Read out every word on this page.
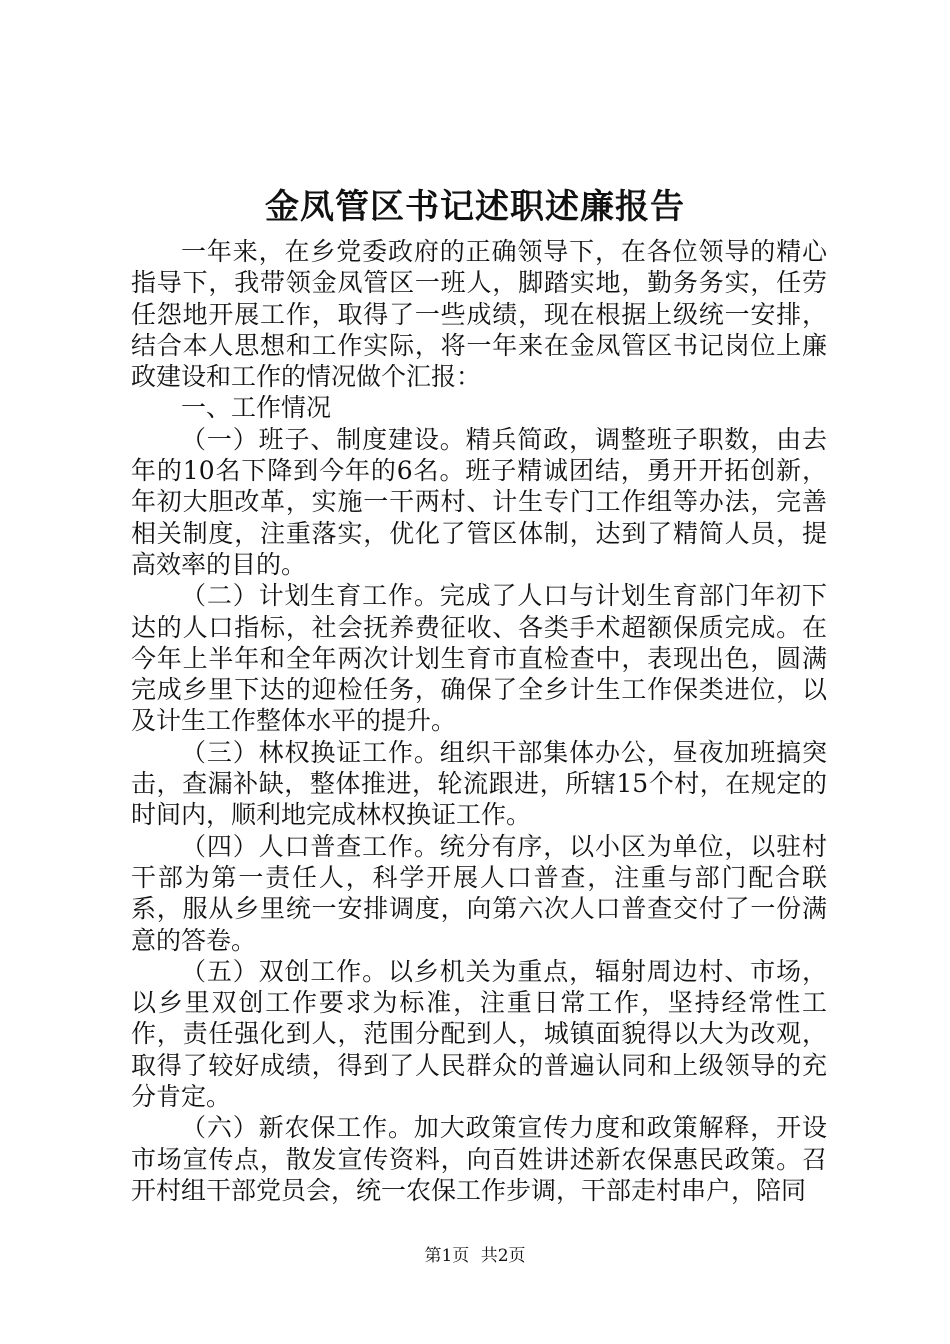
金凤管区书记述职述廉报告

一年来，在乡党委政府的正确领导下，在各位领导的精心指导下，我带领金凤管区一班人，脚踏实地，勤务务实，任劳任怨地开展工作，取得了一些成绩，现在根据上级统一安排，结合本人思想和工作实际，将一年来在金凤管区书记岗位上廉政建设和工作的情况做个汇报：

一、工作情况

（一）班子、制度建设。精兵简政，调整班子职数，由去年的10名下降到今年的6名。班子精诚团结，勇开开拓创新，年初大胆改革，实施一干两村、计生专门工作组等办法，完善相关制度，注重落实，优化了管区体制，达到了精简人员，提高效率的目的。

（二）计划生育工作。完成了人口与计划生育部门年初下达的人口指标，社会抚养费征收、各类手术超额保质完成。在今年上半年和全年两次计划生育市直检查中，表现出色，圆满完成乡里下达的迎检任务，确保了全乡计生工作保类进位，以及计生工作整体水平的提升。

（三）林权换证工作。组织干部集体办公，昼夜加班搞突击，查漏补缺，整体推进，轮流跟进，所辖15个村，在规定的时间内，顺利地完成林权换证工作。

（四）人口普查工作。统分有序，以小区为单位，以驻村干部为第一责任人，科学开展人口普查，注重与部门配合联系，服从乡里统一安排调度，向第六次人口普查交付了一份满意的答卷。

（五）双创工作。以乡机关为重点，辐射周边村、市场，以乡里双创工作要求为标准，注重日常工作，坚持经常性工作，责任强化到人，范围分配到人，城镇面貌得以大为改观，取得了较好成绩，得到了人民群众的普遍认同和上级领导的充分肯定。

（六）新农保工作。加大政策宣传力度和政策解释，开设市场宣传点，散发宣传资料，向百姓讲述新农保惠民政策。召开村组干部党员会，统一农保工作步调，干部走村串户，陪同

第1页 共2页
